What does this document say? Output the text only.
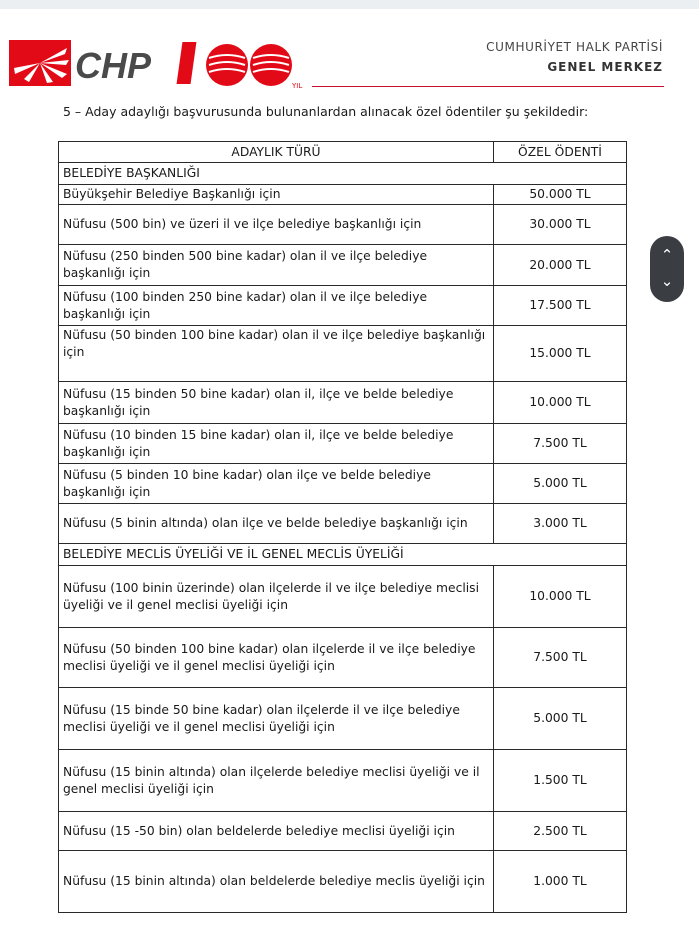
CHP	YIL
CUMHURİYET HALK PARTİSİ
GENEL MERKEZ
5 – Aday adaylığı başvurusunda bulunanlardan alınacak özel ödentiler şu şekildedir:
ADAYLIK TÜRÜ	ÖZEL ÖDENTİ
BELEDİYE BAŞKANLIĞI	
Büyükşehir Belediye Başkanlığı için	50.000 TL
Nüfusu (500 bin) ve üzeri il ve ilçe belediye başkanlığı için	30.000 TL
Nüfusu (250 binden 500 bine kadar) olan il ve ilçe belediye başkanlığı için	20.000 TL
Nüfusu (100 binden 250 bine kadar) olan il ve ilçe belediye başkanlığı için	17.500 TL
Nüfusu (50 binden 100 bine kadar) olan il ve ilçe belediye başkanlığı için	15.000 TL
Nüfusu (15 binden 50 bine kadar) olan il, ilçe ve belde belediye başkanlığı için	10.000 TL
Nüfusu (10 binden 15 bine kadar) olan il, ilçe ve belde belediye başkanlığı için	7.500 TL
Nüfusu (5 binden 10 bine kadar) olan ilçe ve belde belediye başkanlığı için	5.000 TL
Nüfusu (5 binin altında) olan ilçe ve belde belediye başkanlığı için	3.000 TL
BELEDİYE MECLİS ÜYELİĞİ VE İL GENEL MECLİS ÜYELİĞİ	
Nüfusu (100 binin üzerinde) olan ilçelerde il ve ilçe belediye meclisi üyeliği ve il genel meclisi üyeliği için	10.000 TL
Nüfusu (50 binden 100 bine kadar) olan ilçelerde il ve ilçe belediye meclisi üyeliği ve il genel meclisi üyeliği için	7.500 TL
Nüfusu (15 binde 50 bine kadar) olan ilçelerde il ve ilçe belediye meclisi üyeliği ve il genel meclisi üyeliği için	5.000 TL
Nüfusu (15 binin altında) olan ilçelerde belediye meclisi üyeliği ve il genel meclisi üyeliği için	1.500 TL
Nüfusu (15 -50 bin) olan beldelerde belediye meclisi üyeliği için	2.500 TL
Nüfusu (15 binin altında) olan beldelerde belediye meclis üyeliği için	1.000 TL
⌃
⌄
